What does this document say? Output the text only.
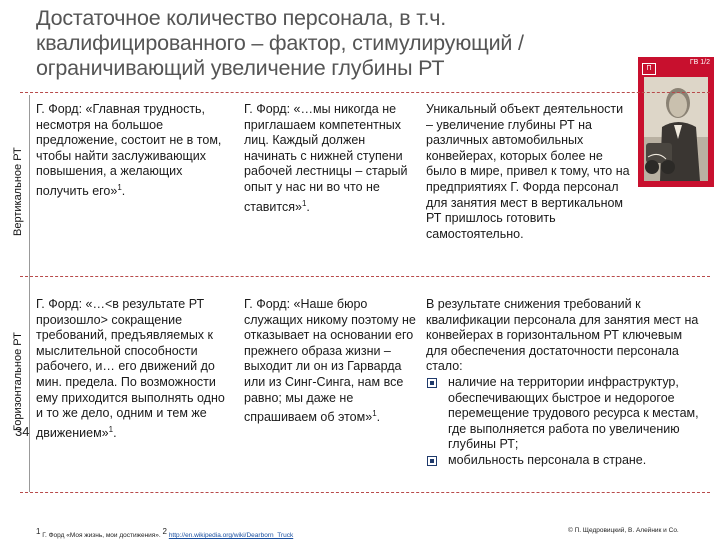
Достаточное количество персонала, в т.ч. квалифицированного – фактор, стимулирующий / ограничивающий увеличение глубины РТ	П
ГВ 1/2
Вертикальное РТ
Горизонтальное РТ

Г. Форд: «Главная трудность, несмотря на большое предложение, состоит не в том, чтобы найти заслуживающих повышения, а желающих получить его»$^1$.

Г. Форд: «…мы никогда не приглашаем компетентных лиц. Каждый должен начинать с нижней ступени рабочей лестницы – старый опыт у нас ни во что не ставится»$^1$.

Уникальный объект деятельности – увеличение глубины РТ на различных автомобильных конвейерах, которых более не было в мире, привел к тому, что на предприятиях Г. Форда персонал для занятия мест в вертикальном РТ пришлось готовить самостоятельно.

Г. Форд: «…<в результате РТ произошло> сокращение требований, предъявляемых к мыслительной способности рабочего, и… его движений до мин. предела. По возможности ему приходится выполнять одно и то же дело, одним и тем же движением»$^1$.

Г. Форд: «Наше бюро служащих никому поэтому не отказывает на основании его прежнего образа жизни – выходит ли он из Гарварда или из Синг-Синга, нам все равно; мы даже не спрашиваем об этом»$^1$.

В результате снижения требований к квалификации персонала для занятия мест на конвейерах в горизонтальном РТ ключевым для обеспечения достаточности персонала стало:

наличие на территории инфраструктур, обеспечивающих быстрое и недорогое перемещение трудового ресурса к местам, где выполняется работа по увеличению глубины РТ;
мобильность персонала в стране.
34
$^1$ Г. Форд «Моя жизнь, мои достижения». $^2$ http://en.wikipedia.org/wiki/Dearborn_Truck
© П. Щедровицкий, В. Алейник и Со.
